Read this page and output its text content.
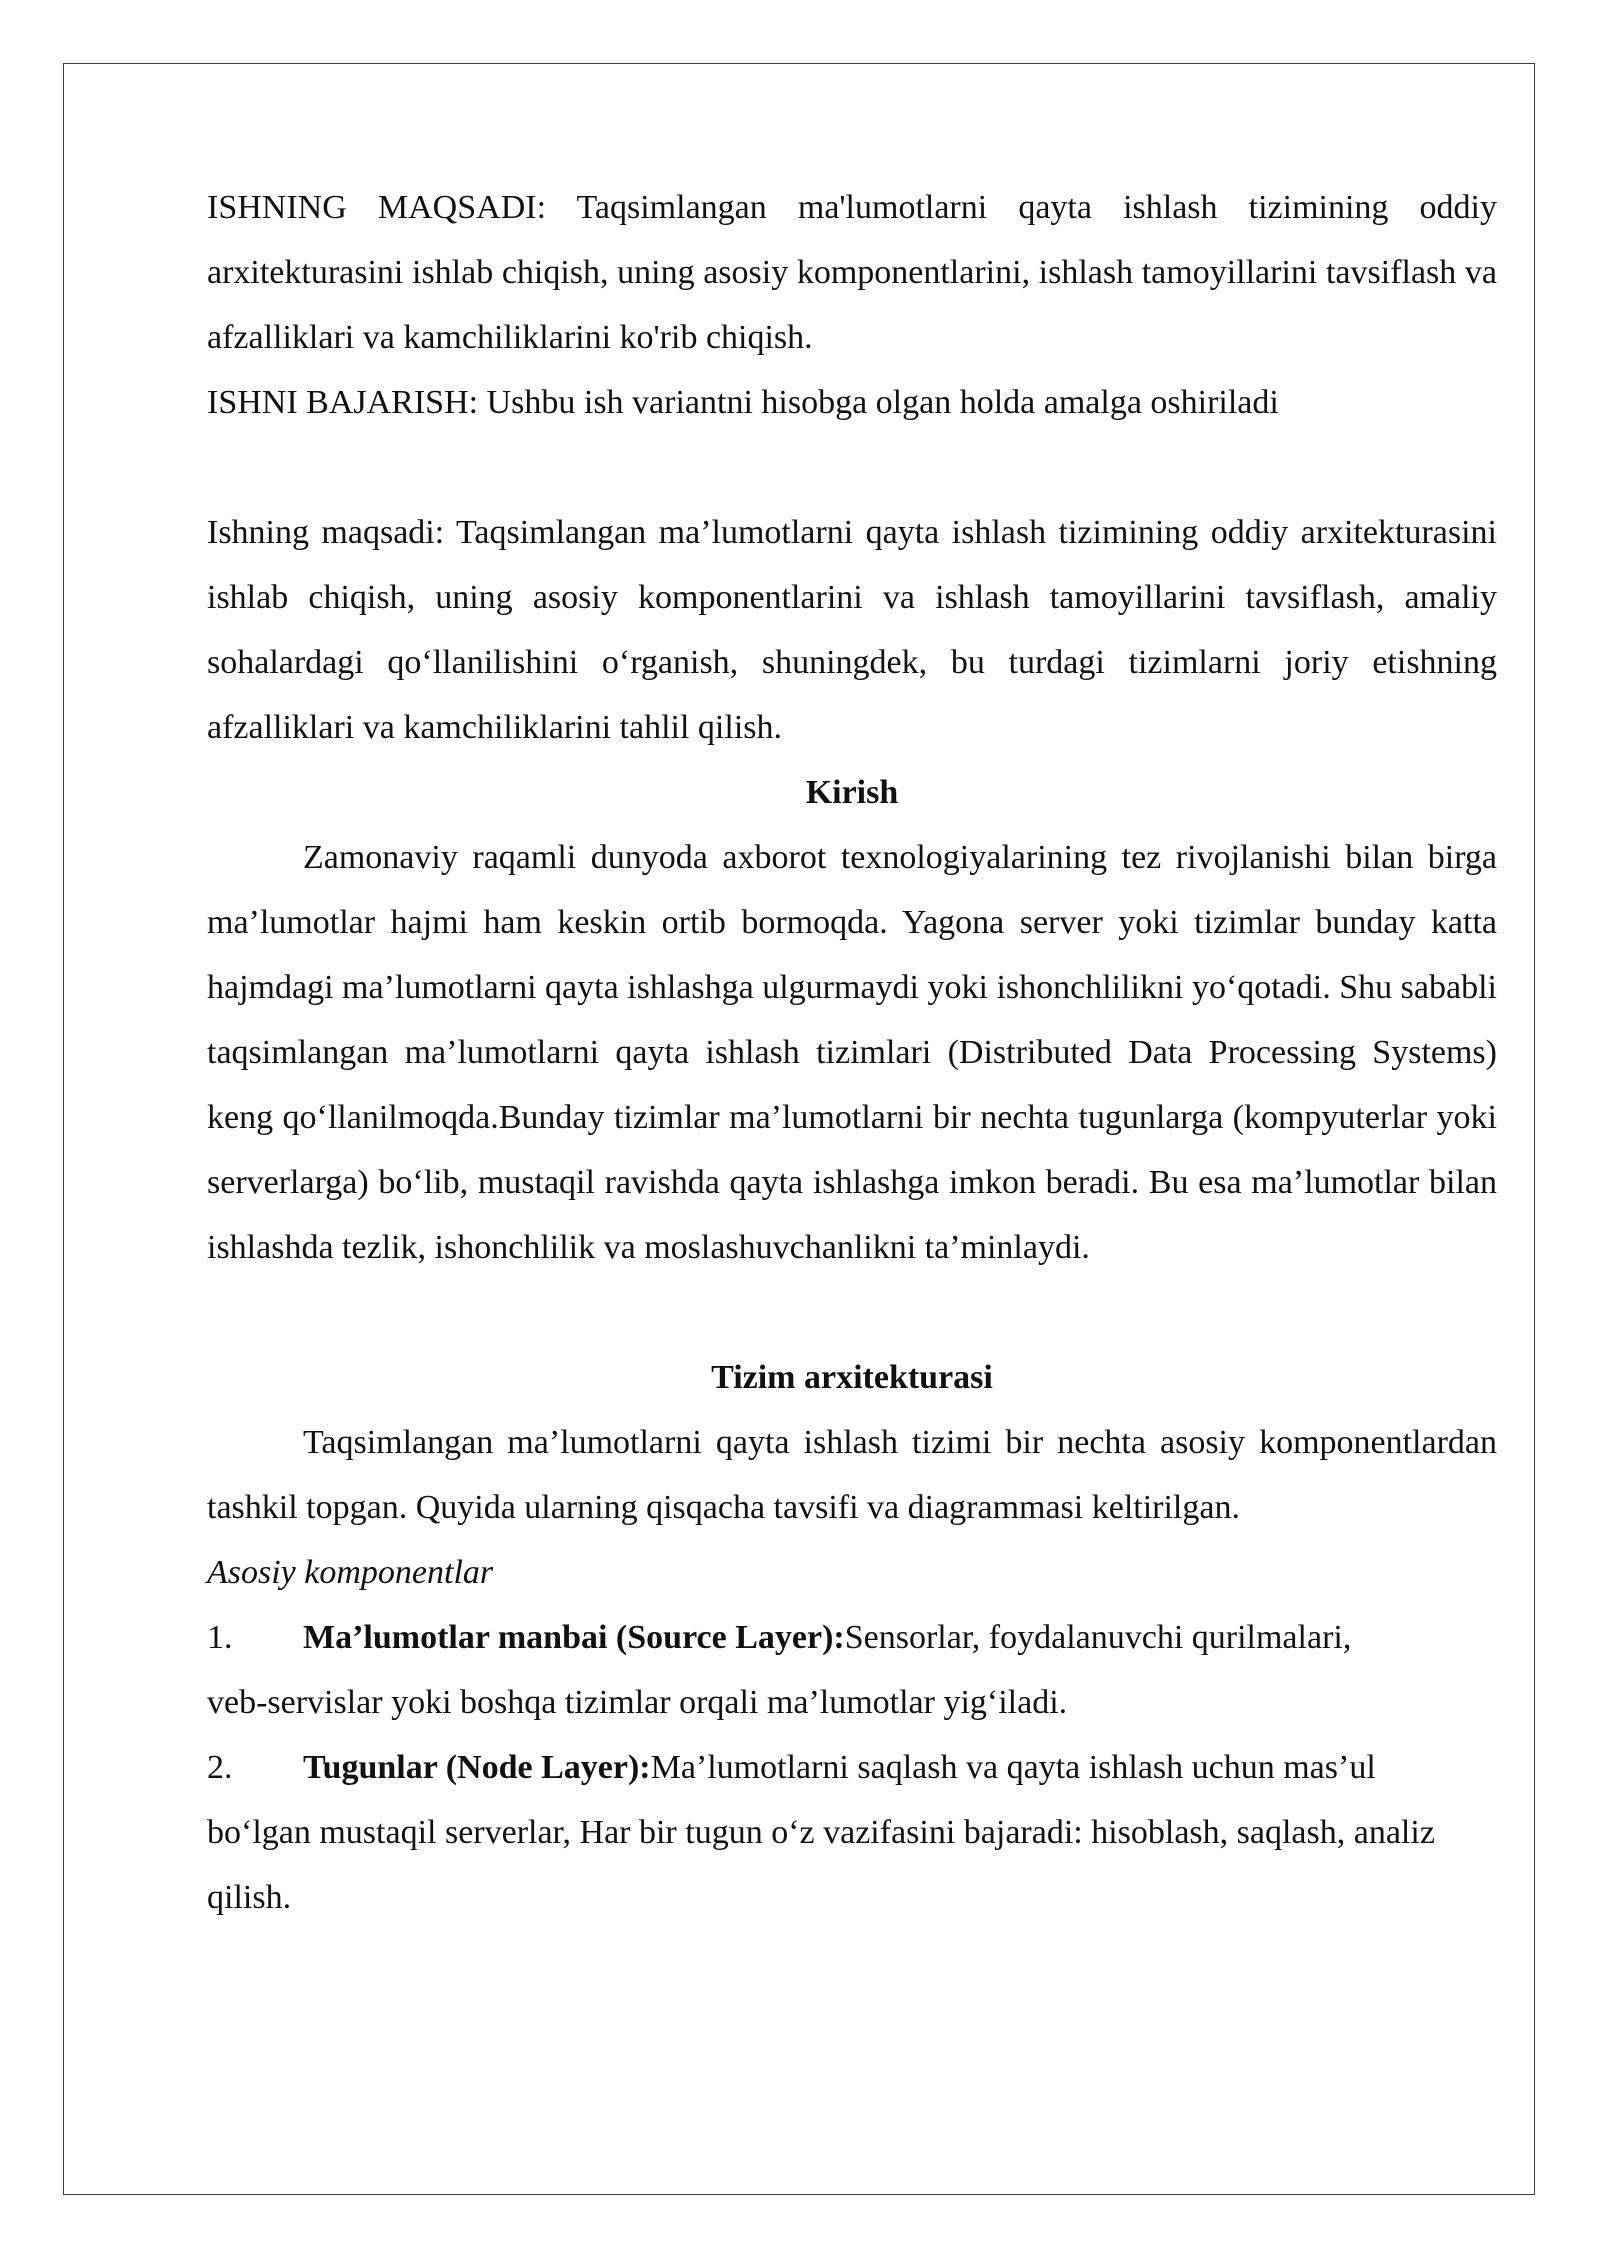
ISHNING MAQSADI: Taqsimlangan ma'lumotlarni qayta ishlash tizimining oddiy arxitekturasini ishlab chiqish, uning asosiy komponentlarini, ishlash tamoyillarini tavsiflash va afzalliklari va kamchiliklarini ko'rib chiqish.

ISHNI BAJARISH: Ushbu ish variantni hisobga olgan holda amalga oshiriladi

Ishning maqsadi: Taqsimlangan ma’lumotlarni qayta ishlash tizimining oddiy arxitekturasini ishlab chiqish, uning asosiy komponentlarini va ishlash tamoyillarini tavsiflash, amaliy sohalardagi qo‘llanilishini o‘rganish, shuningdek, bu turdagi tizimlarni joriy etishning afzalliklari va kamchiliklarini tahlil qilish.

Kirish

Zamonaviy raqamli dunyoda axborot texnologiyalarining tez rivojlanishi bilan birga ma’lumotlar hajmi ham keskin ortib bormoqda. Yagona server yoki tizimlar bunday katta hajmdagi ma’lumotlarni qayta ishlashga ulgurmaydi yoki ishonchlilikni yo‘qotadi. Shu sababli taqsimlangan ma’lumotlarni qayta ishlash tizimlari (Distributed Data Processing Systems) keng qo‘llanilmoqda.Bunday tizimlar ma’lumotlarni bir nechta tugunlarga (kompyuterlar yoki serverlarga) bo‘lib, mustaqil ravishda qayta ishlashga imkon beradi. Bu esa ma’lumotlar bilan ishlashda tezlik, ishonchlilik va moslashuvchanlikni ta’minlaydi.

Tizim arxitekturasi

Taqsimlangan ma’lumotlarni qayta ishlash tizimi bir nechta asosiy komponentlardan tashkil topgan. Quyida ularning qisqacha tavsifi va diagrammasi keltirilgan.

Asosiy komponentlar

1. Ma’lumotlar manbai (Source Layer):Sensorlar, foydalanuvchi qurilmalari,

veb-servislar yoki boshqa tizimlar orqali ma’lumotlar yig‘iladi.

2. Tugunlar (Node Layer):Ma’lumotlarni saqlash va qayta ishlash uchun mas’ul

bo‘lgan mustaqil serverlar, Har bir tugun o‘z vazifasini bajaradi: hisoblash, saqlash, analiz qilish.
